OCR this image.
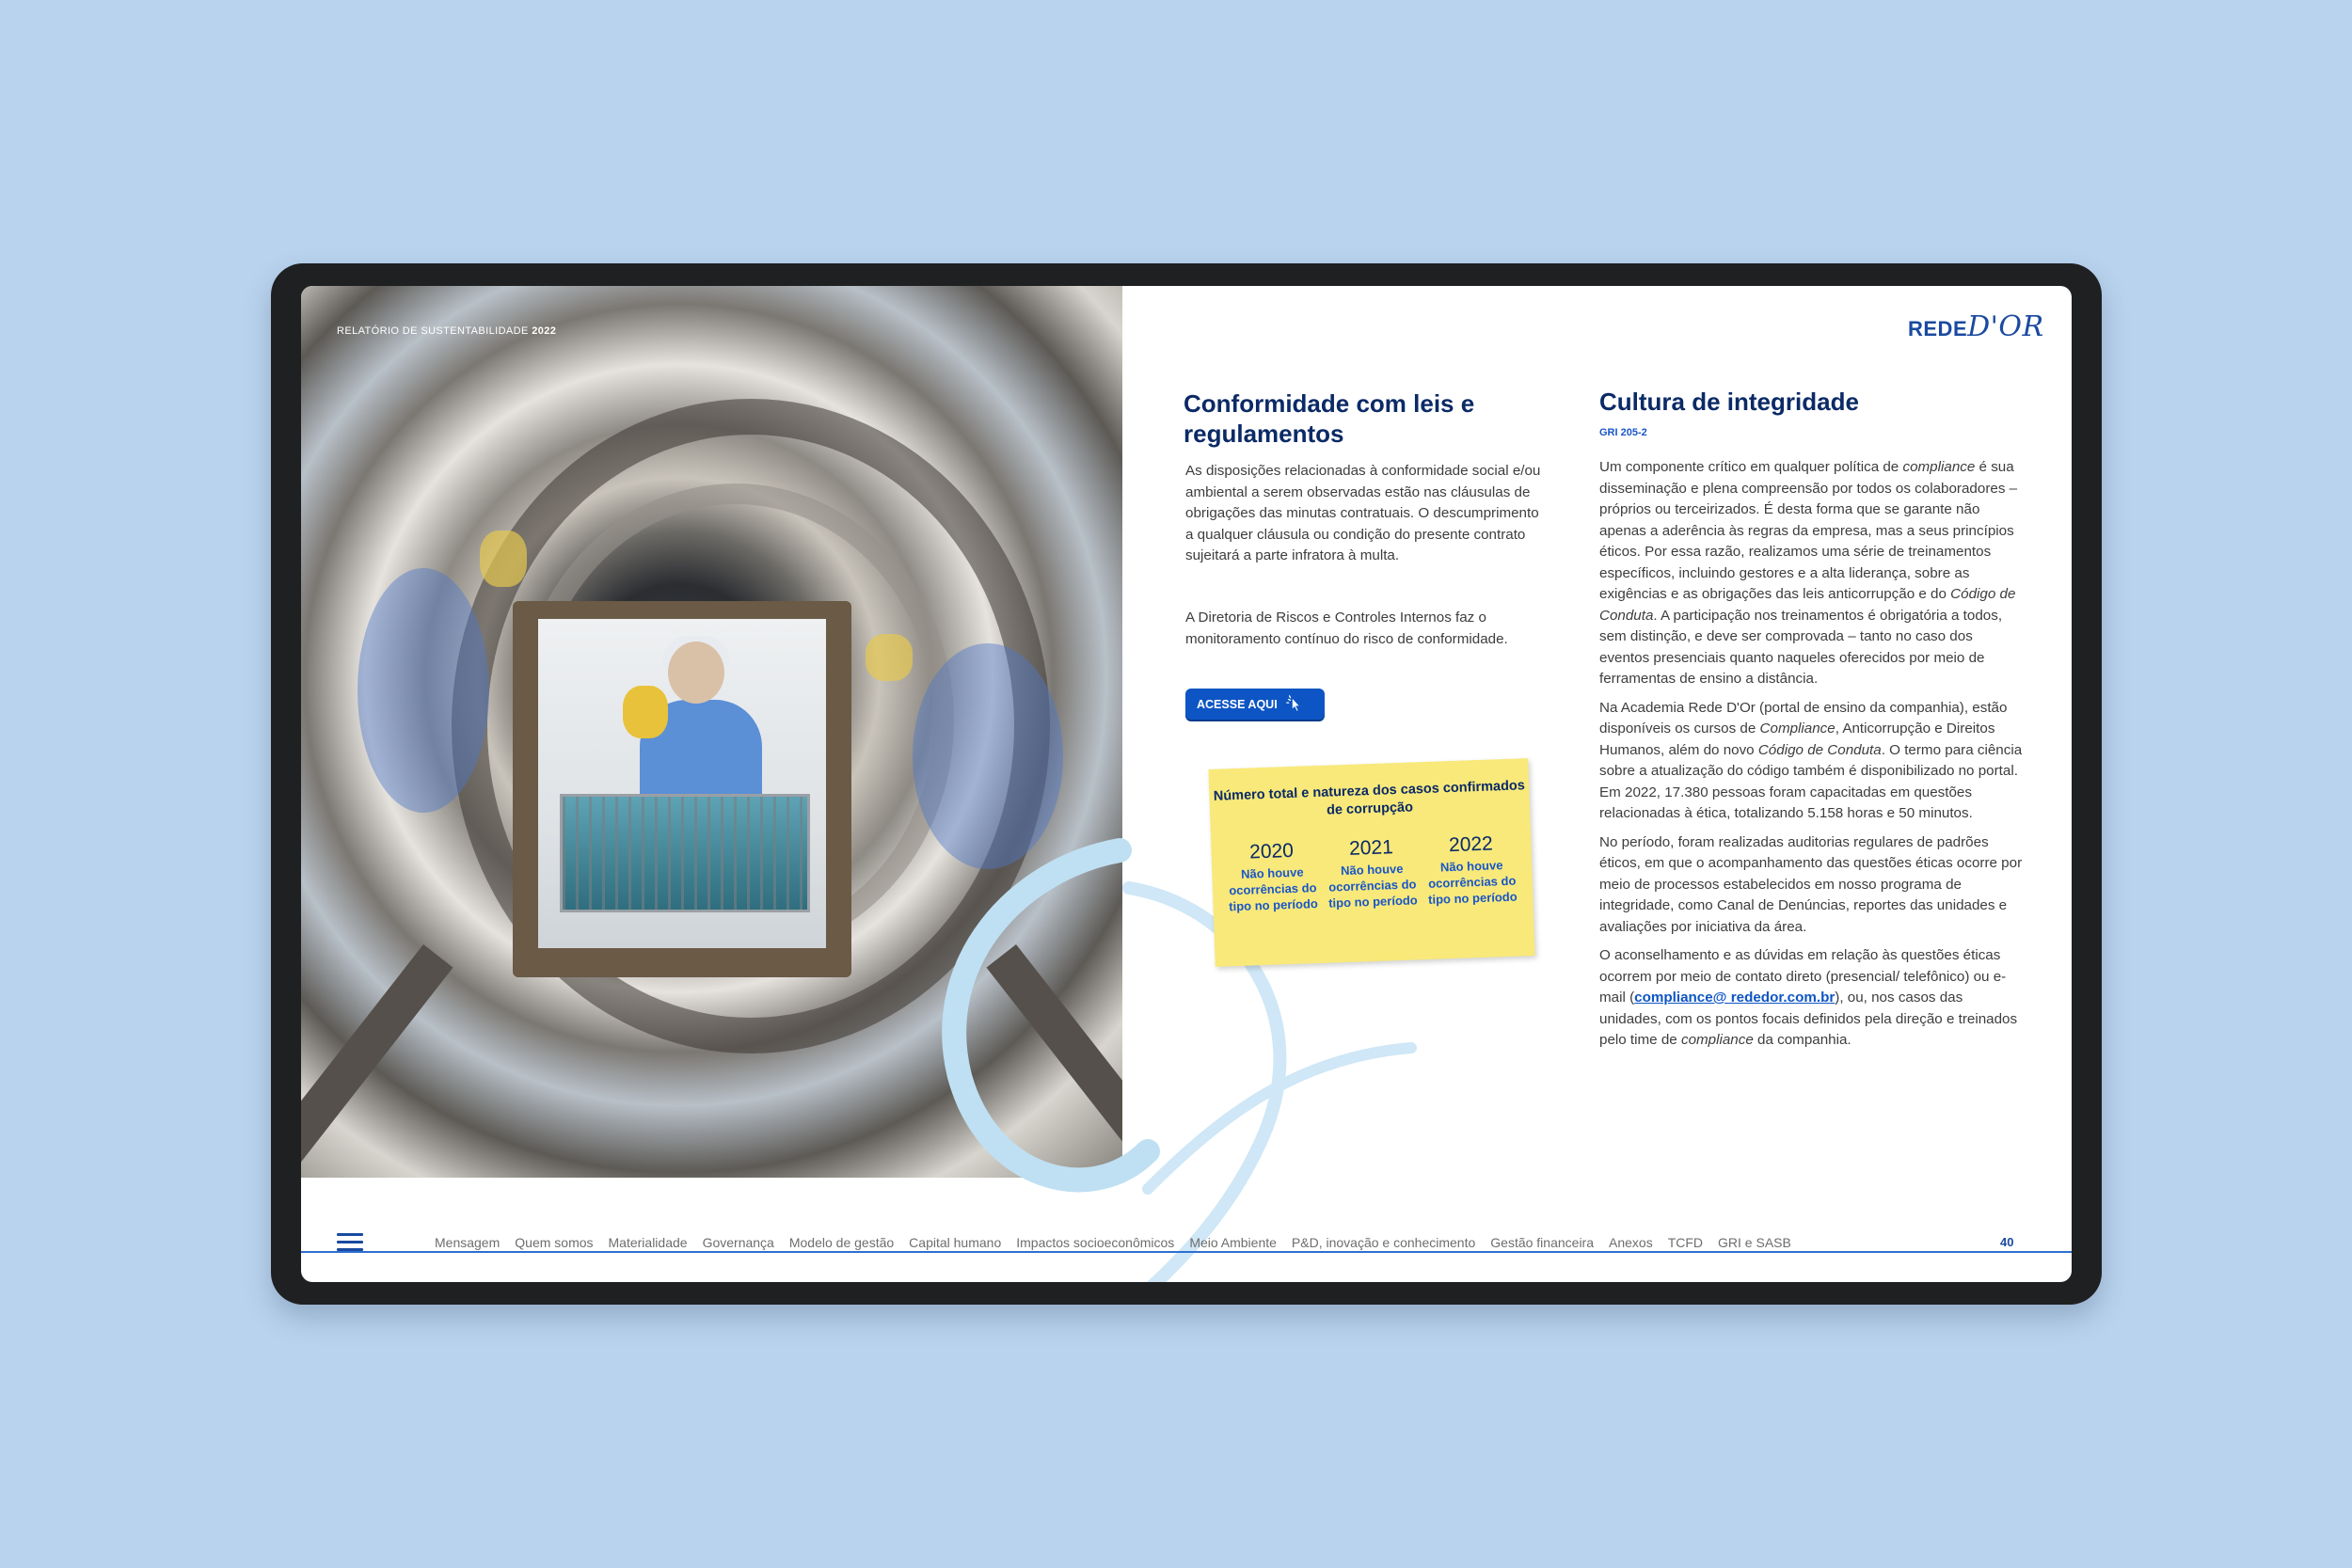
RELATÓRIO DE SUSTENTABILIDADE 2022	REDED'OR
Conformidade com leis e regulamentos

As disposições relacionadas à conformidade social e/ou ambiental a serem observadas estão nas cláusulas de obrigações das minutas contratuais. O descumprimento a qualquer cláusula ou condição do presente contrato sujeitará a parte infratora à multa.

A Diretoria de Riscos e Controles Internos faz o monitoramento contínuo do risco de conformidade.

ACESSE AQUI
Número total e natureza dos casos confirmados de corrupção
2020
Não houve ocorrências do tipo no período
2021
Não houve ocorrências do tipo no período
2022
Não houve ocorrências do tipo no período
Cultura de integridade
GRI 205-2

Um componente crítico em qualquer política de compliance é sua disseminação e plena compreensão por todos os colaboradores – próprios ou terceirizados. É desta forma que se garante não apenas a aderência às regras da empresa, mas a seus princípios éticos. Por essa razão, realizamos uma série de treinamentos específicos, incluindo gestores e a alta liderança, sobre as exigências e as obrigações das leis anticorrupção e do Código de Conduta. A participação nos treinamentos é obrigatória a todos, sem distinção, e deve ser comprovada – tanto no caso dos eventos presenciais quanto naqueles oferecidos por meio de ferramentas de ensino a distância.

Na Academia Rede D'Or (portal de ensino da companhia), estão disponíveis os cursos de Compliance, Anticorrupção e Direitos Humanos, além do novo Código de Conduta. O termo para ciência sobre a atualização do código também é disponibilizado no portal. Em 2022, 17.380 pessoas foram capacitadas em questões relacionadas à ética, totalizando 5.158 horas e 50 minutos.

No período, foram realizadas auditorias regulares de padrões éticos, em que o acompanhamento das questões éticas ocorre por meio de processos estabelecidos em nosso programa de integridade, como Canal de Denúncias, reportes das unidades e avaliações por iniciativa da área.

O aconselhamento e as dúvidas em relação às questões éticas ocorrem por meio de contato direto (presencial/ telefônico) ou e-mail (compliance@ rededor.com.br), ou, nos casos das unidades, com os pontos focais definidos pela direção e treinados pelo time de compliance da companhia.

Mensagem Quem somos Materialidade Governança Modelo de gestão Capital humano Impactos socioeconômicos Meio Ambiente P&D, inovação e conhecimento Gestão financeira Anexos TCFD GRI e SASB	40
